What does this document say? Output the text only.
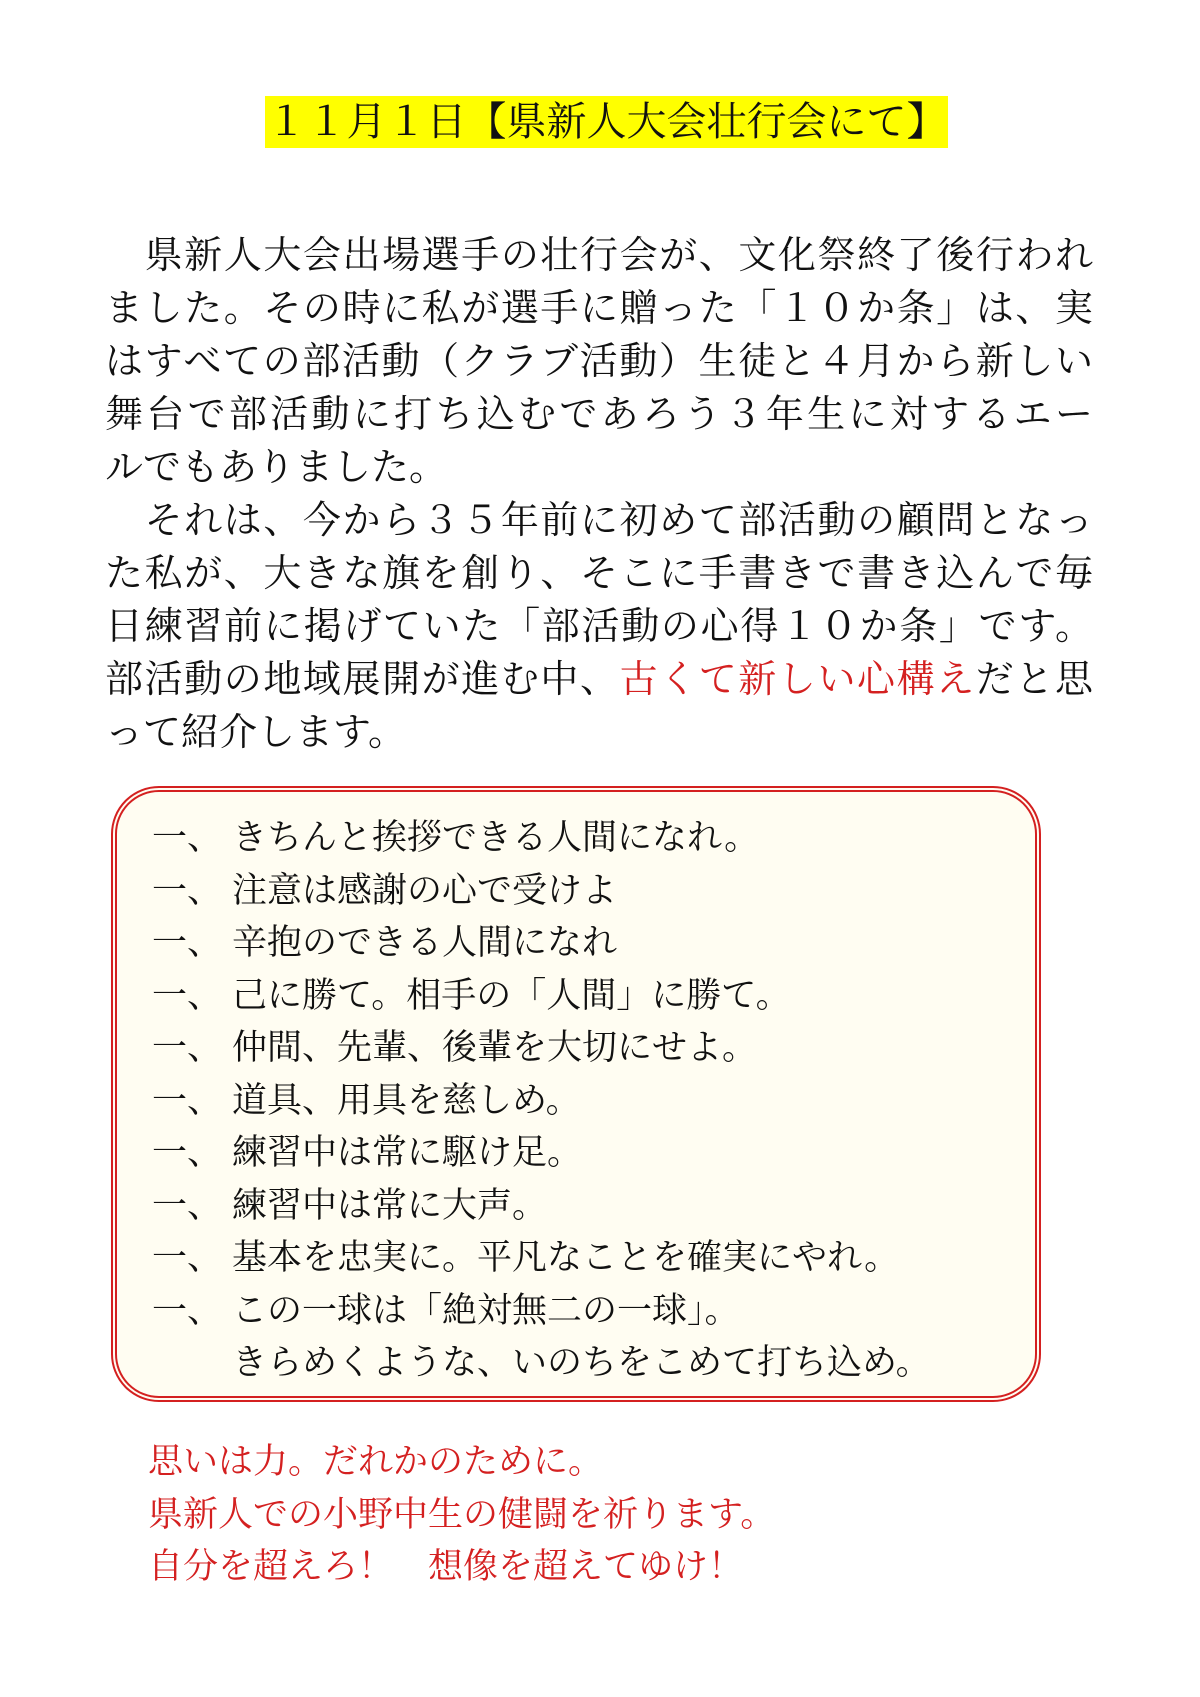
１１月１日【県新人大会壮行会にて】
　県新人大会出場選手の壮行会が、文化祭終了後行われ
ました。その時に私が選手に贈った「１０か条」は、実
はすべての部活動（クラブ活動）生徒と４月から新しい
舞台で部活動に打ち込むであろう３年生に対するエー
ルでもありました。
　それは、今から３５年前に初めて部活動の顧問となっ
た私が、大きな旗を創り、そこに手書きで書き込んで毎
日練習前に掲げていた「部活動の心得１０か条」です。
部活動の地域展開が進む中、古くて新しい心構えだと思
って紹介します。
一、 きちんと挨拶できる人間になれ。
一、 注意は感謝の心で受けよ
一、 辛抱のできる人間になれ
一、 己に勝て。相手の「人間」に勝て。
一、 仲間、先輩、後輩を大切にせよ。
一、 道具、用具を慈しめ。
一、 練習中は常に駆け足。
一、 練習中は常に大声。
一、 基本を忠実に。平凡なことを確実にやれ。
一、 この一球は「絶対無二の一球」。
きらめくような、いのちをこめて打ち込め。
思いは力。だれかのために。
県新人での小野中生の健闘を祈ります。
自分を超えろ！　想像を超えてゆけ！
